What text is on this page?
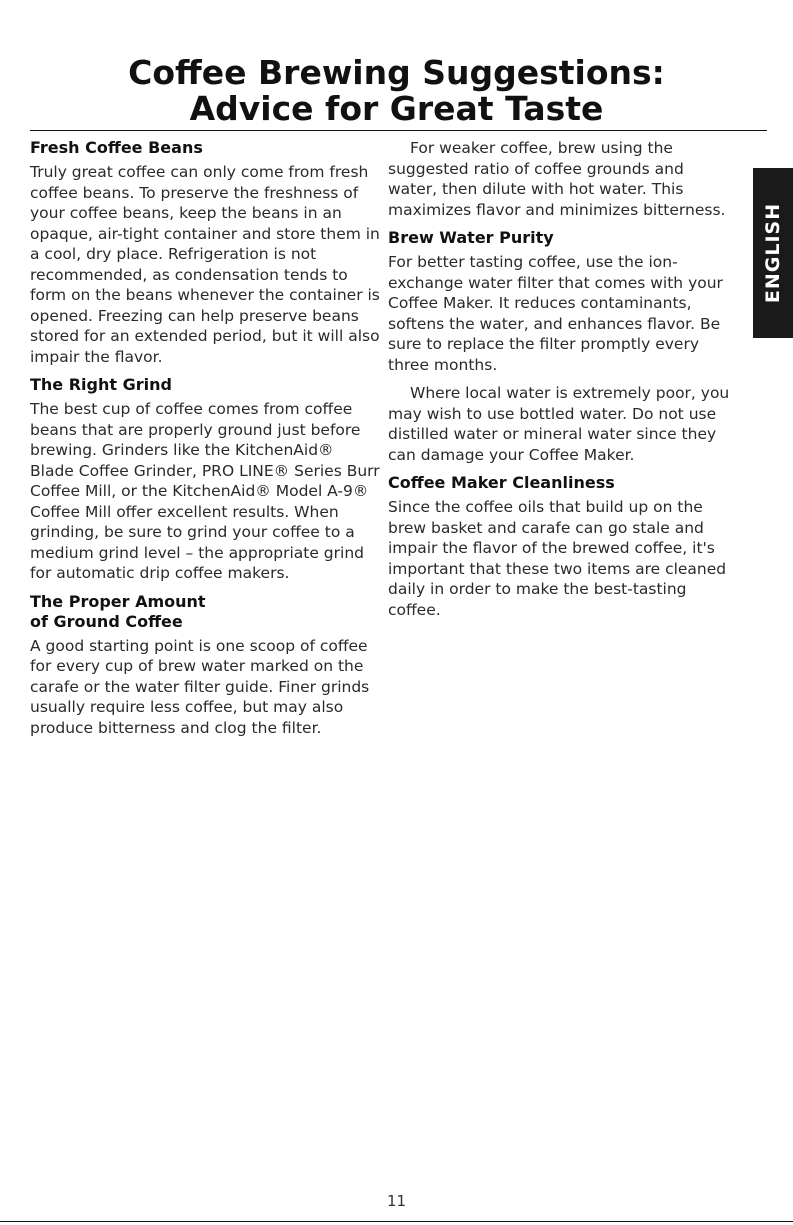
Coffee Brewing Suggestions:
Advice for Great Taste
Fresh Coffee Beans

Truly great coffee can only come from fresh coffee beans. To preserve the freshness of your coffee beans, keep the beans in an opaque, air-tight container and store them in a cool, dry place. Refrigeration is not recommended, as condensation tends to form on the beans whenever the container is opened. Freezing can help preserve beans stored for an extended period, but it will also impair the flavor.

The Right Grind

The best cup of coffee comes from coffee beans that are properly ground just before brewing. Grinders like the KitchenAid® Blade Coffee Grinder, PRO LINE® Series Burr Coffee Mill, or the KitchenAid® Model A-9® Coffee Mill offer excellent results. When grinding, be sure to grind your coffee to a medium grind level – the appropriate grind for automatic drip coffee makers.

The Proper Amount
of Ground Coffee

A good starting point is one scoop of coffee for every cup of brew water marked on the carafe or the water filter guide. Finer grinds usually require less coffee, but may also produce bitterness and clog the filter.

For weaker coffee, brew using the suggested ratio of coffee grounds and water, then dilute with hot water. This maximizes flavor and minimizes bitterness.

Brew Water Purity

For better tasting coffee, use the ion-exchange water filter that comes with your Coffee Maker. It reduces contaminants, softens the water, and enhances flavor. Be sure to replace the filter promptly every three months.

Where local water is extremely poor, you may wish to use bottled water. Do not use distilled water or mineral water since they can damage your Coffee Maker.

Coffee Maker Cleanliness

Since the coffee oils that build up on the brew basket and carafe can go stale and impair the flavor of the brewed coffee, it's important that these two items are cleaned daily in order to make the best-tasting coffee.

ENGLISH
11
